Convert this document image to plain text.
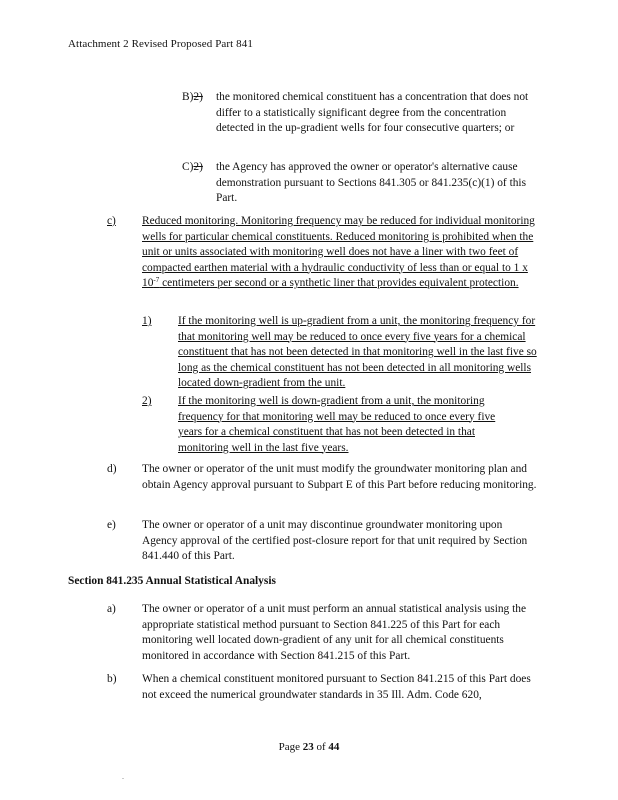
Attachment 2 Revised Proposed Part 841
B)2) the monitored chemical constituent has a concentration that does not differ to a statistically significant degree from the concentration detected in the up-gradient wells for four consecutive quarters; or
C)2) the Agency has approved the owner or operator's alternative cause demonstration pursuant to Sections 841.305 or 841.235(c)(1) of this Part.
c) Reduced monitoring. Monitoring frequency may be reduced for individual monitoring wells for particular chemical constituents. Reduced monitoring is prohibited when the unit or units associated with monitoring well does not have a liner with two feet of compacted earthen material with a hydraulic conductivity of less than or equal to 1 x $10^{-7}$ centimeters per second or a synthetic liner that provides equivalent protection.
1) If the monitoring well is up-gradient from a unit, the monitoring frequency for that monitoring well may be reduced to once every five years for a chemical constituent that has not been detected in that monitoring well in the last five so long as the chemical constituent has not been detected in all monitoring wells located down-gradient from the unit.
2) If the monitoring well is down-gradient from a unit, the monitoring frequency for that monitoring well may be reduced to once every five years for a chemical constituent that has not been detected in that monitoring well in the last five years.
d) The owner or operator of the unit must modify the groundwater monitoring plan and obtain Agency approval pursuant to Subpart E of this Part before reducing monitoring.
e) The owner or operator of a unit may discontinue groundwater monitoring upon Agency approval of the certified post-closure report for that unit required by Section 841.440 of this Part.
Section 841.235 Annual Statistical Analysis
a) The owner or operator of a unit must perform an annual statistical analysis using the appropriate statistical method pursuant to Section 841.225 of this Part for each monitoring well located down-gradient of any unit for all chemical constituents monitored in accordance with Section 841.215 of this Part.
b) When a chemical constituent monitored pursuant to Section 841.215 of this Part does not exceed the numerical groundwater standards in 35 Ill. Adm. Code 620,
Page 23 of 44
.
